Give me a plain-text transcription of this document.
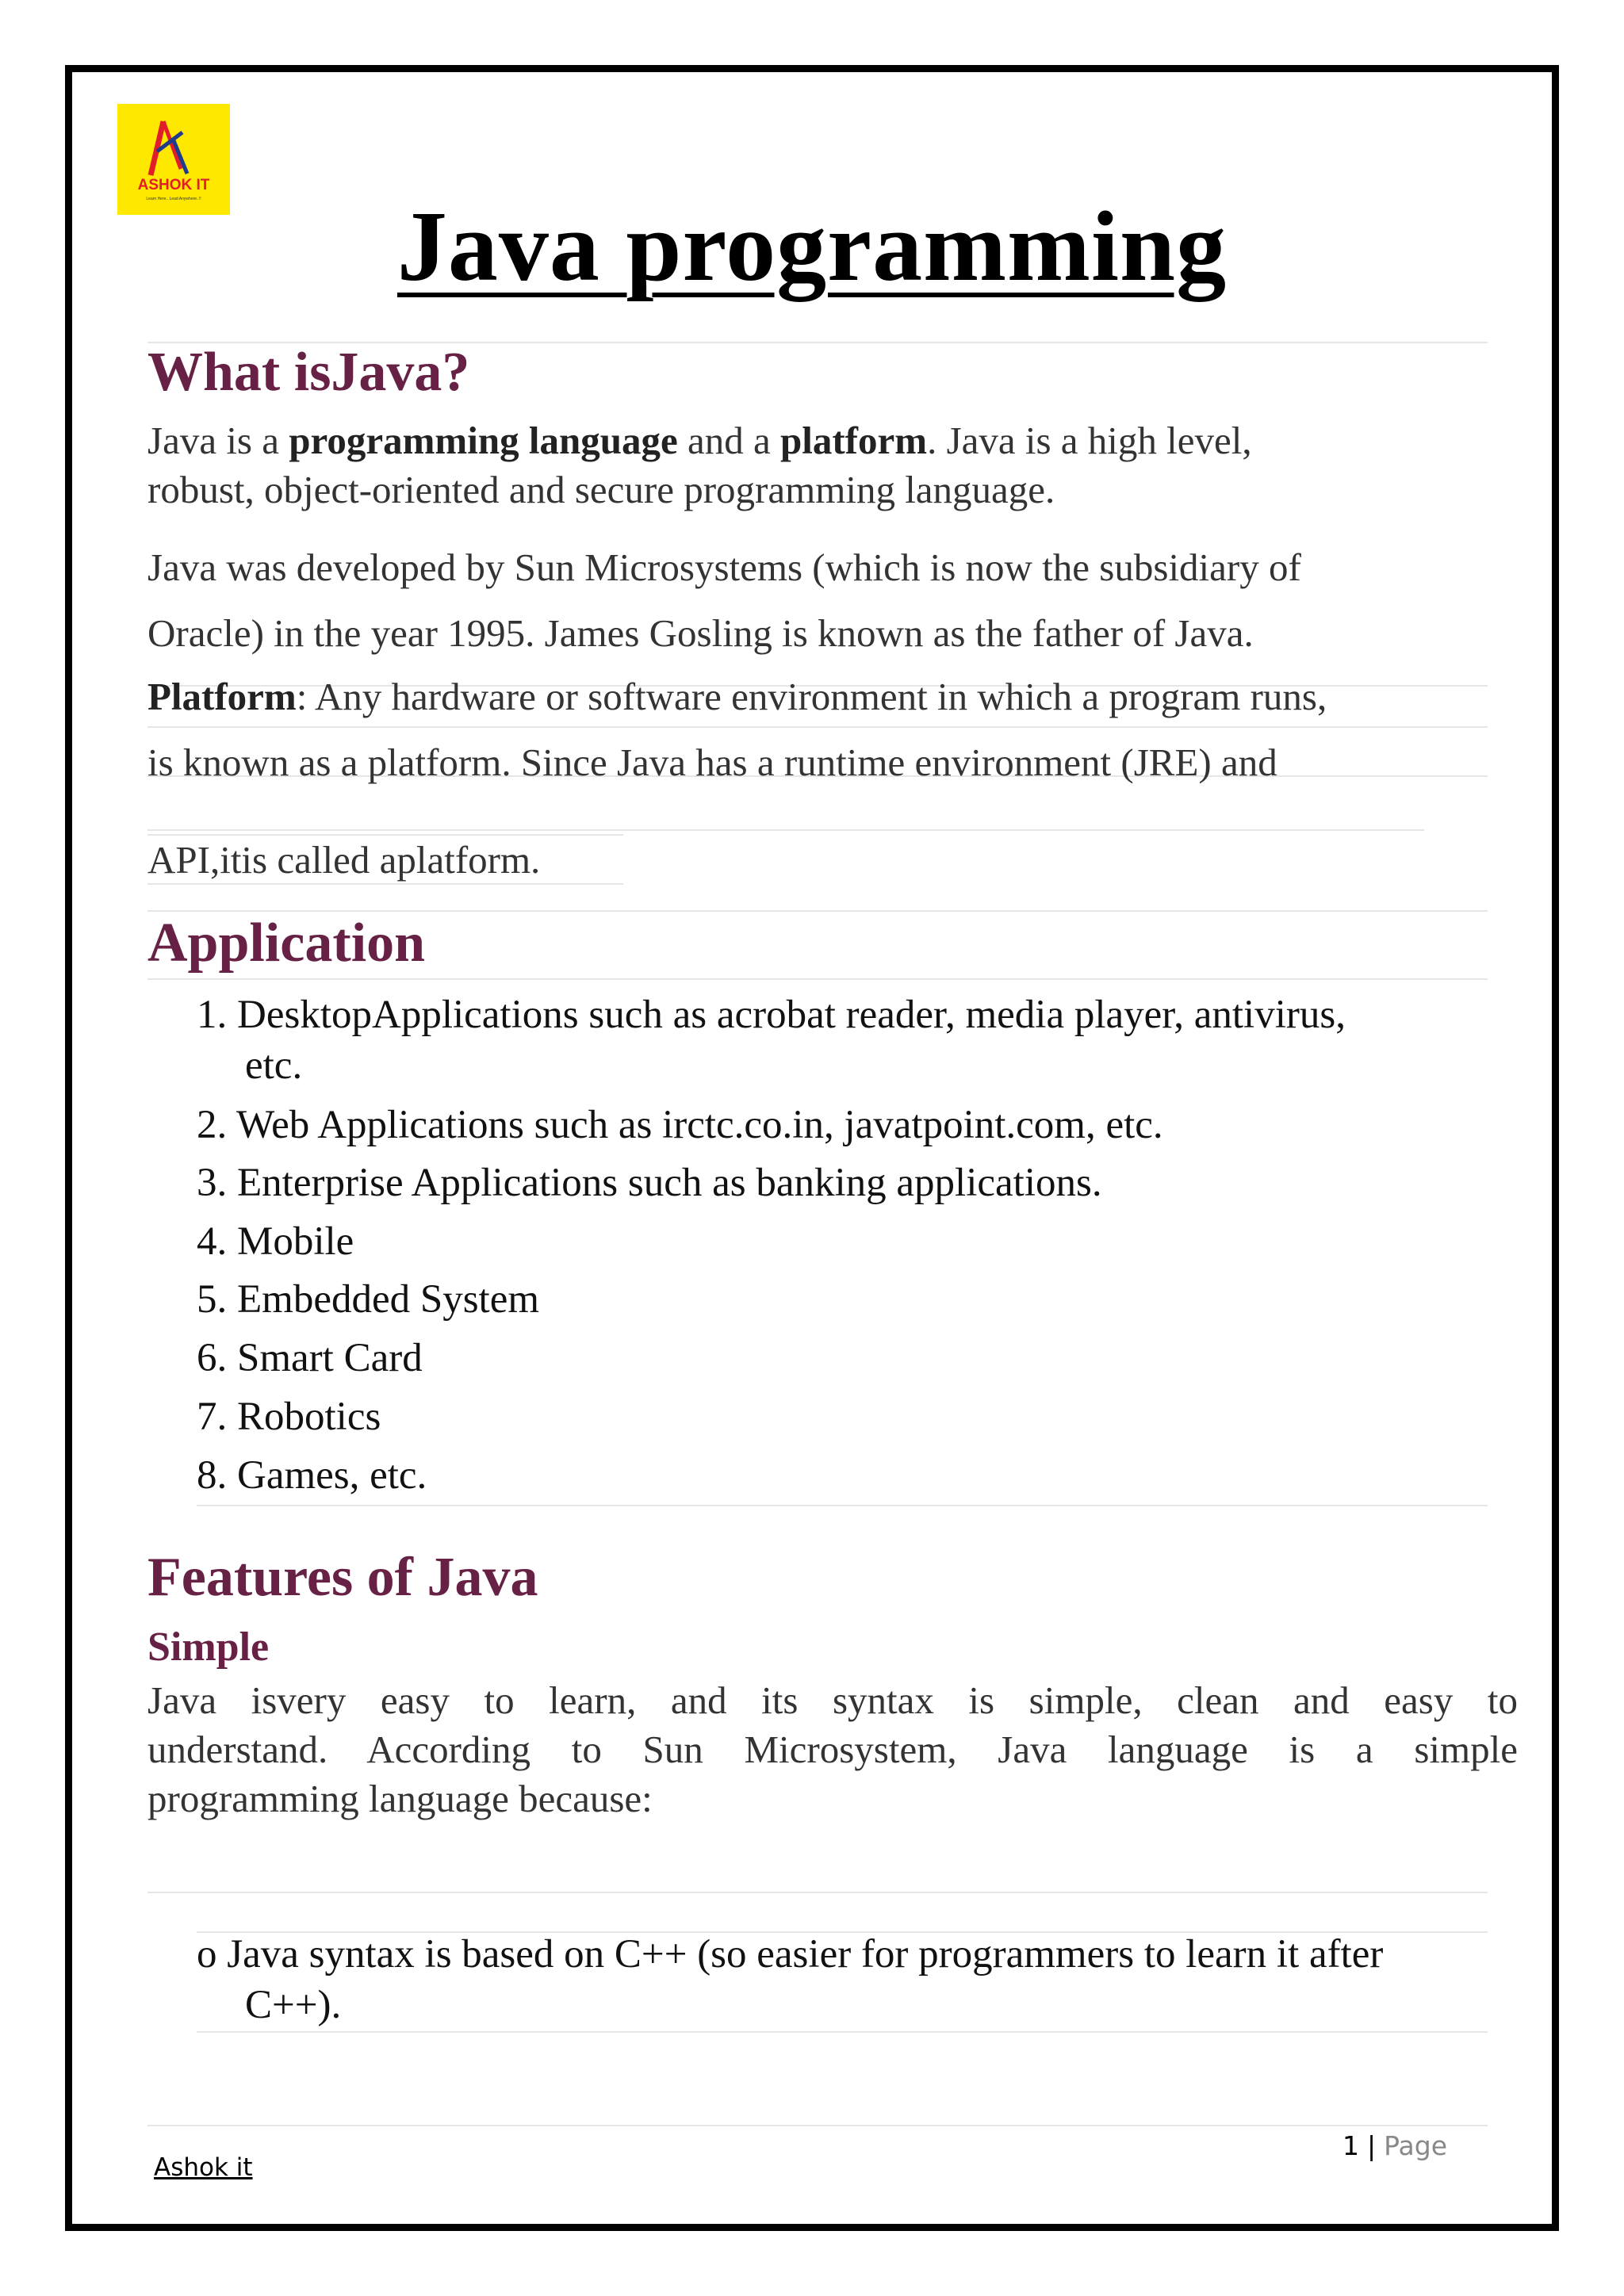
ASHOK IT
Learn Here.. Lead Anywhere..!!	Java programming
What isJava?
Java is a programming language and a platform. Java is a high level,
robust, object-oriented and secure programming language.
Java was developed by Sun Microsystems (which is now the subsidiary of
Oracle) in the year 1995. James Gosling is known as the father of Java.
Platform: Any hardware or software environment in which a program runs,
is known as a platform. Since Java has a runtime environment (JRE) and
API,itis called aplatform.
Application
1. DesktopApplications such as acrobat reader, media player, antivirus,
etc.
2. Web Applications such as irctc.co.in, javatpoint.com, etc.
3. Enterprise Applications such as banking applications.
4. Mobile
5. Embedded System
6. Smart Card
7. Robotics
8. Games, etc.
Features of Java
Simple
Java isvery easy to learn, and its syntax is simple, clean and easy to
understand. According to Sun Microsystem, Java language is a simple
programming language because:
o Java syntax is based on C++ (so easier for programmers to learn it after
C++).
Ashok it
1 | Page
